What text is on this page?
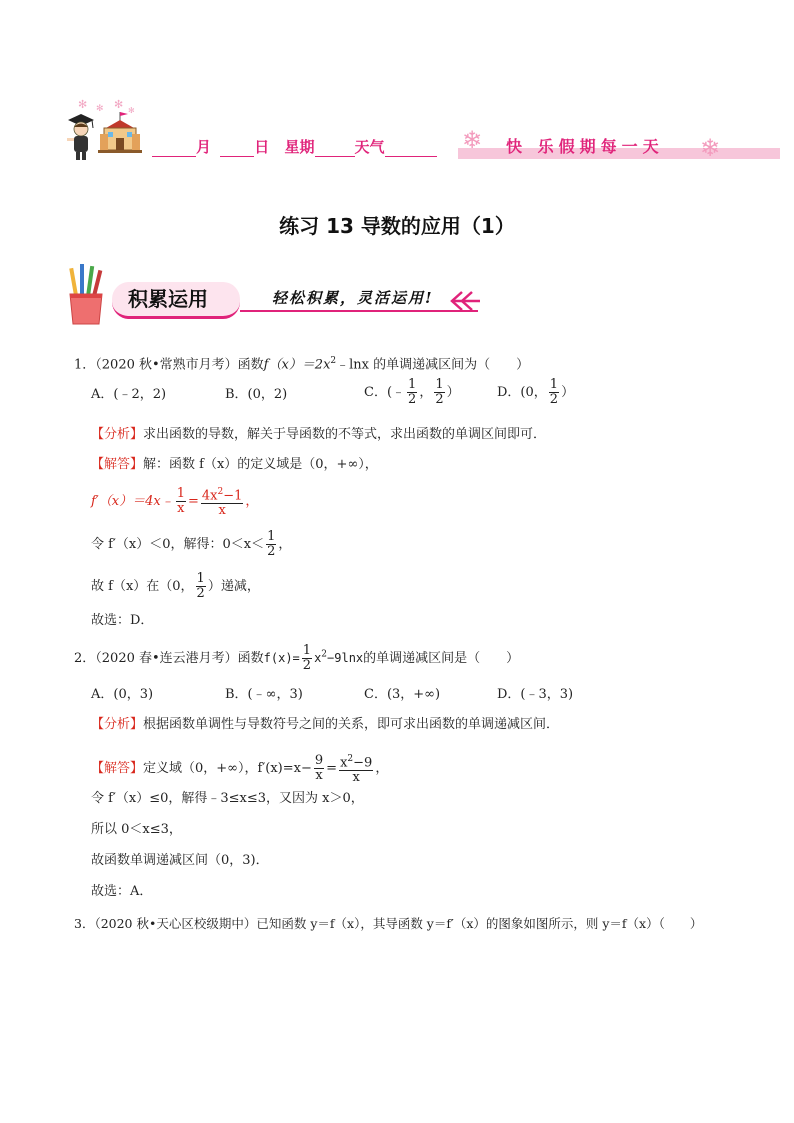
✻ ✻ ✻ ✻
月	日 星期	天气	❄ 快 乐假期每一天 ❄
练习 13 导数的应用（1）
积累运用	轻松积累，灵活运用!
1．（2020 秋•常熟市月考）函数$f(x)=2x^2﹣\ln x$ 的单调递减区间为（　　）
A．(﹣2，2)	B．(0，2)	C．(﹣ $\frac{1}{2}$ ， $\frac{1}{2}$ ）	D．(0， $\frac{1}{2}$ ）
【分析】求出函数的导数，解关于导函数的不等式，求出函数的单调区间即可．
【解答】解：函数 f（x）的定义域是（0，+∞），
f′（x）＝4x﹣ $\frac{1}{x} = \frac{4x^2-1}{x}$ ，
令 f′（x）＜0，解得：$0<x< \frac{1}{2}$ ，
故 f（x）在（0， $\frac{1}{2}$ ）递减，
故选：D．
2．（2020 春•连云港月考）函数$f(x)= \frac{1}{2} x^2-9\ln x$的单调递减区间是（　　）
A．(0，3)	B．(﹣∞，3)	C．(3，+∞)	D．(﹣3，3)
【分析】根据函数单调性与导数符号之间的关系，即可求出函数的单调递减区间．
【解答】定义域（0，+∞），$f'(x)=x- \frac{9}{x} = \frac{x^2-9}{x}$ ，
令 f′（x）≤0，解得﹣3≤x≤3，又因为 x＞0，
所以 0＜x≤3，
故函数单调递减区间（0，3)．
故选：A．
3．（2020 秋•天心区校级期中）已知函数 y＝f（x），其导函数 y＝f′（x）的图象如图所示，则 y＝f（x）（　　）
